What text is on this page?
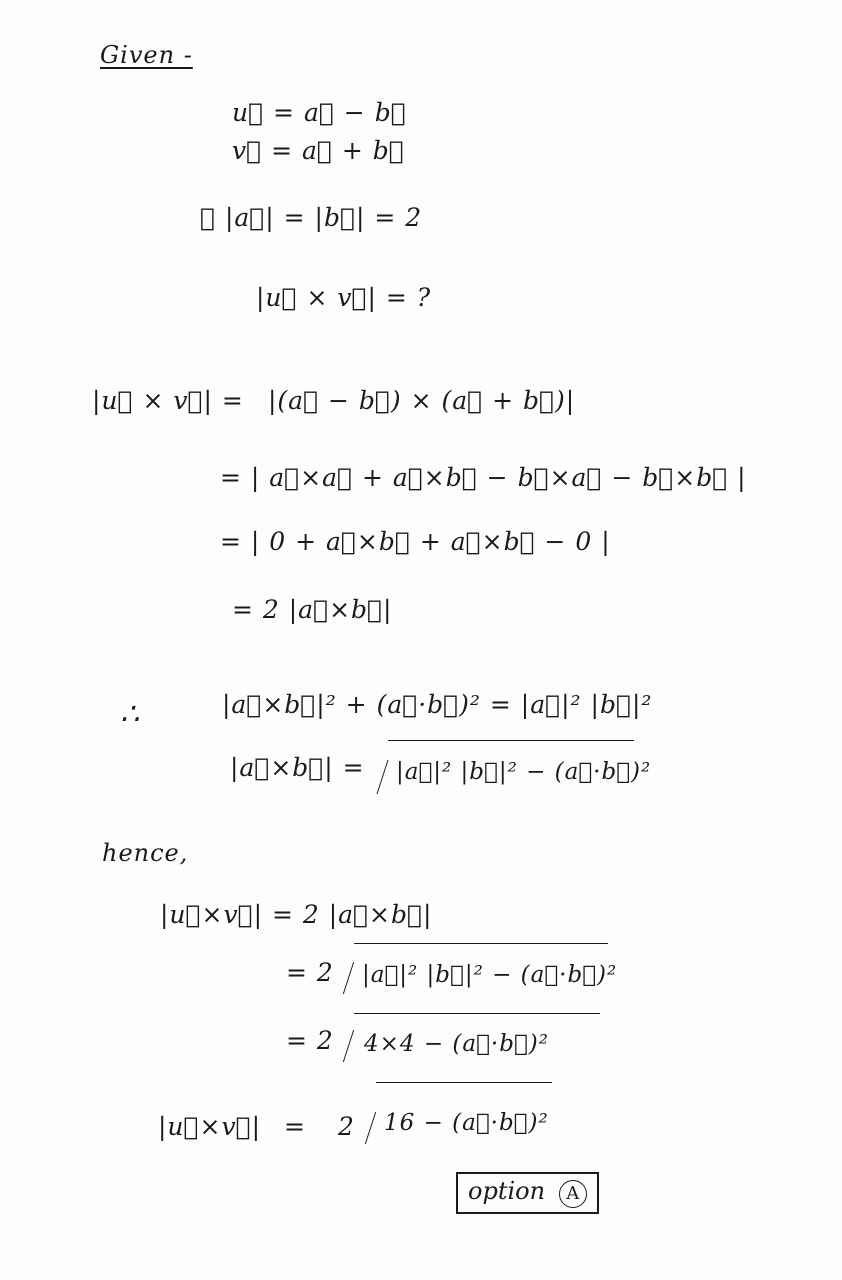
Given -
u⃗ = a⃗ − b⃗
v⃗ = a⃗ + b⃗
∴ |a⃗| = |b⃗| = 2
|u⃗ × v⃗| = ?
|u⃗ × v⃗| = |(a⃗ − b⃗) × (a⃗ + b⃗)|
= | a⃗×a⃗ + a⃗×b⃗ − b⃗×a⃗ − b⃗×b⃗ |
= | 0 + a⃗×b⃗ + a⃗×b⃗ − 0 |
= 2 |a⃗×b⃗|
∴	|a⃗×b⃗|² + (a⃗·b⃗)² = |a⃗|² |b⃗|²
|a⃗×b⃗| = |a⃗|² |b⃗|² − (a⃗·b⃗)²
hence,
|u⃗×v⃗| = 2 |a⃗×b⃗|
= 2 |a⃗|² |b⃗|² − (a⃗·b⃗)²
= 2 4×4 − (a⃗·b⃗)²
|u⃗×v⃗| = 2 16 − (a⃗·b⃗)²
option A
